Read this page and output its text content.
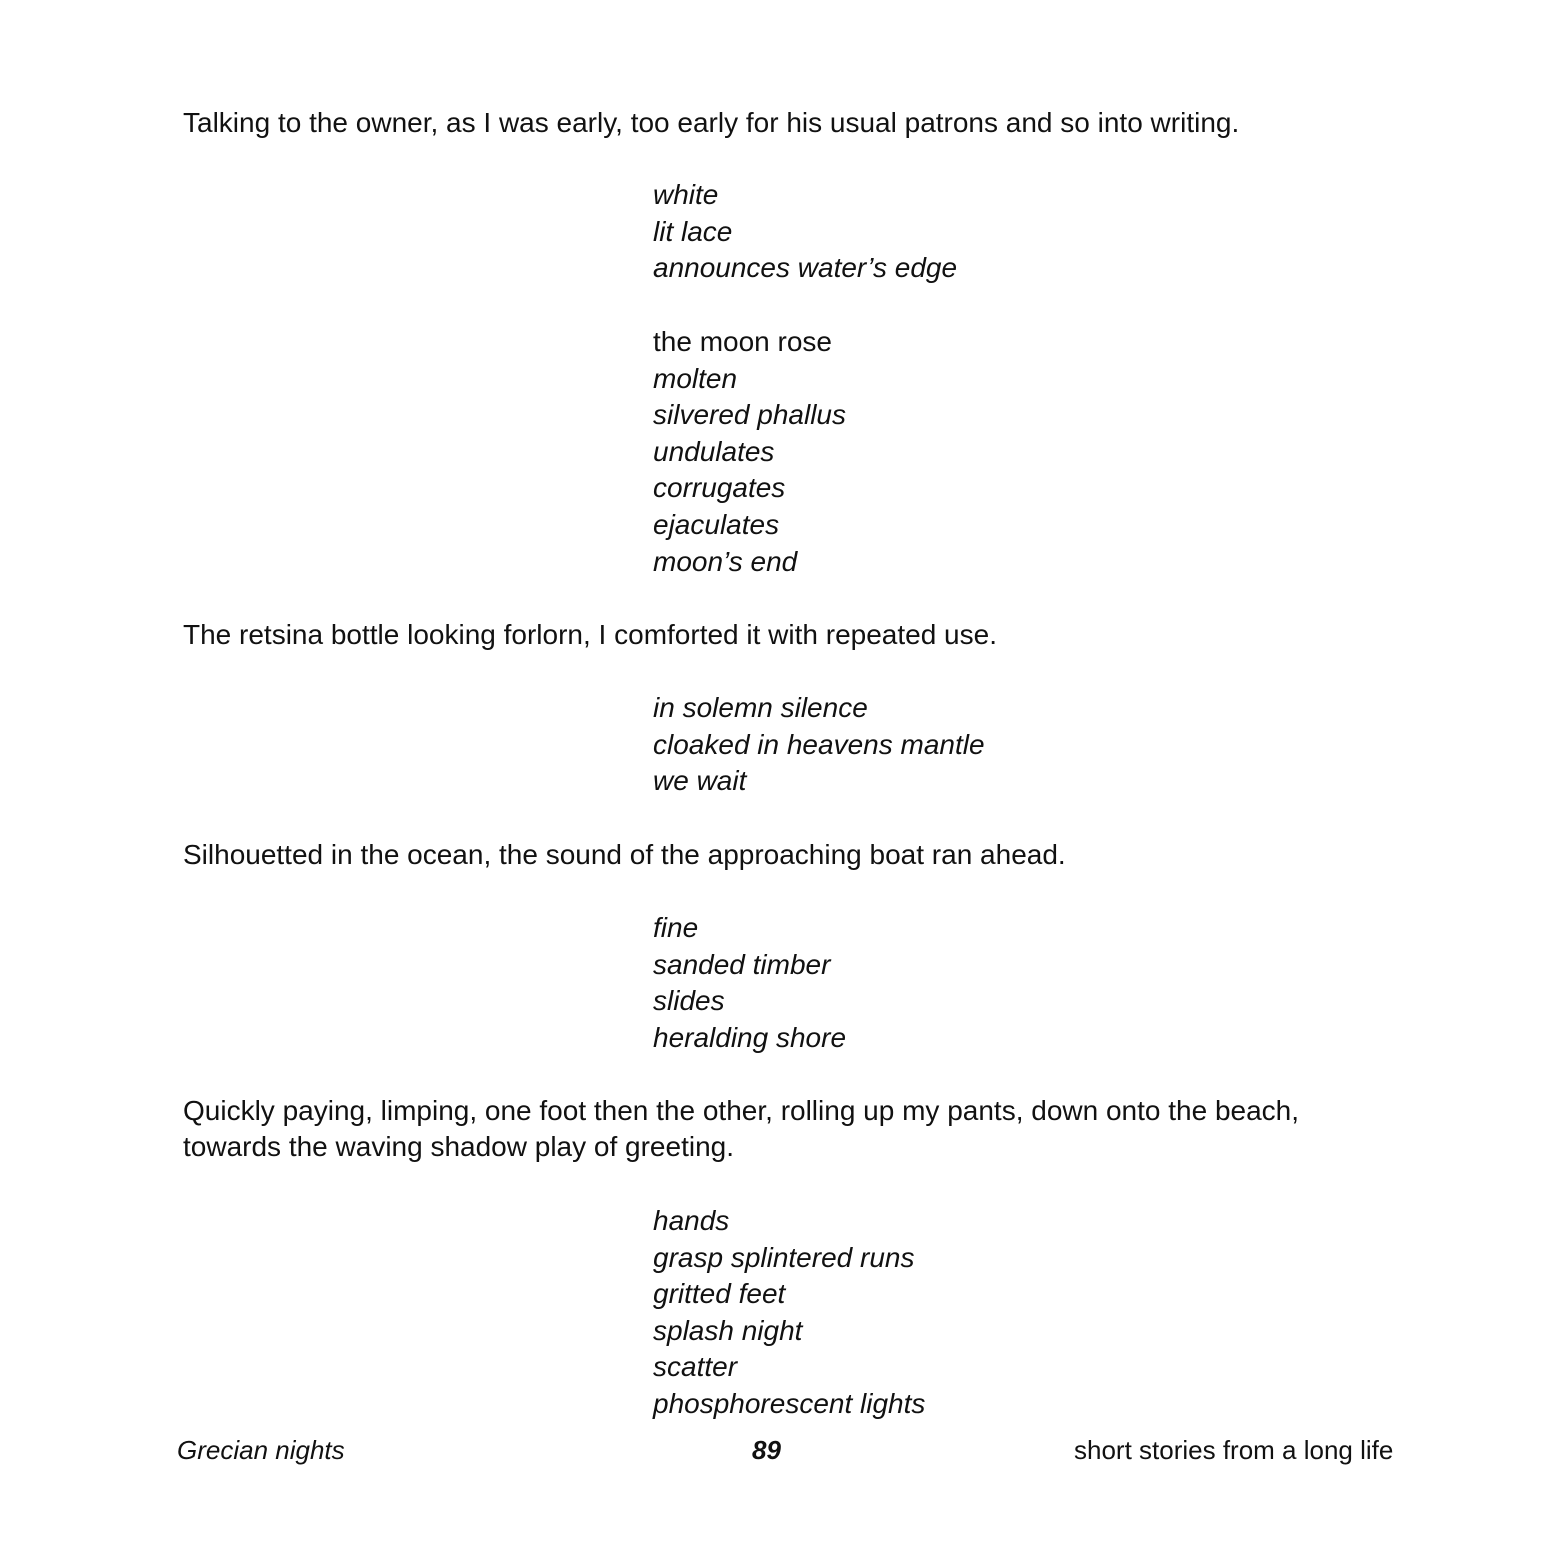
Talking to the owner, as I was early, too early for his usual patrons and so into writing.

white
lit lace
announces water’s edge
the moon rose
molten
silvered phallus
undulates
corrugates
ejaculates
moon’s end

The retsina bottle looking forlorn, I comforted it with repeated use.

in solemn silence
cloaked in heavens mantle
we wait

Silhouetted in the ocean, the sound of the approaching boat ran ahead.

fine
sanded timber
slides
heralding shore

Quickly paying, limping, one foot then the other, rolling up my pants, down onto the beach, towards the waving shadow play of greeting.

hands
grasp splintered runs
gritted feet
splash night
scatter
phosphorescent lights
Grecian nights	89	short stories from a long life
